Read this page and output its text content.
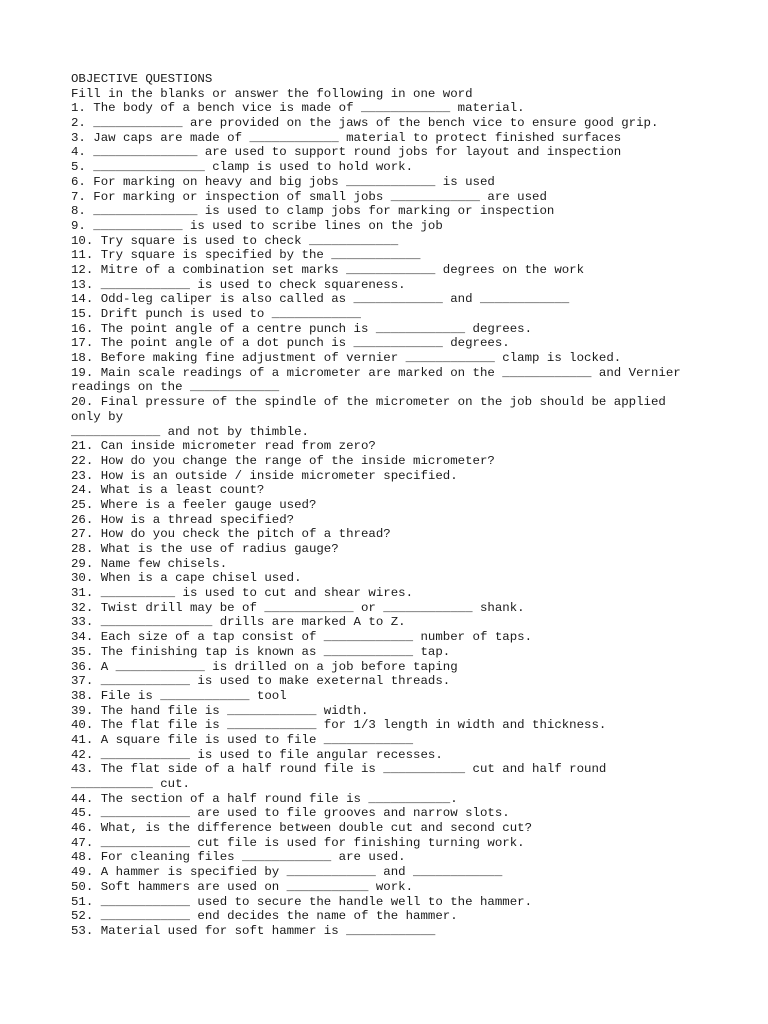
OBJECTIVE QUESTIONS
Fill in the blanks or answer the following in one word
1. The body of a bench vice is made of ____________ material.
2. ____________ are provided on the jaws of the bench vice to ensure good grip.
3. Jaw caps are made of ____________ material to protect finished surfaces
4. ______________ are used to support round jobs for layout and inspection
5. _______________ clamp is used to hold work.
6. For marking on heavy and big jobs ____________ is used
7. For marking or inspection of small jobs ____________ are used
8. ______________ is used to clamp jobs for marking or inspection
9. ____________ is used to scribe lines on the job
10. Try square is used to check ____________
11. Try square is specified by the ____________
12. Mitre of a combination set marks ____________ degrees on the work
13. ____________ is used to check squareness.
14. Odd-leg caliper is also called as ____________ and ____________
15. Drift punch is used to ____________
16. The point angle of a centre punch is ____________ degrees.
17. The point angle of a dot punch is ____________ degrees.
18. Before making fine adjustment of vernier ____________ clamp is locked.
19. Main scale readings of a micrometer are marked on the ____________ and Vernier
readings on the ____________
20. Final pressure of the spindle of the micrometer on the job should be applied
only by
____________ and not by thimble.
21. Can inside micrometer read from zero?
22. How do you change the range of the inside micrometer?
23. How is an outside / inside micrometer specified.
24. What is a least count?
25. Where is a feeler gauge used?
26. How is a thread specified?
27. How do you check the pitch of a thread?
28. What is the use of radius gauge?
29. Name few chisels.
30. When is a cape chisel used.
31. __________ is used to cut and shear wires.
32. Twist drill may be of ____________ or ____________ shank.
33. _______________ drills are marked A to Z.
34. Each size of a tap consist of ____________ number of taps.
35. The finishing tap is known as ____________ tap.
36. A ____________ is drilled on a job before taping
37. ____________ is used to make exeternal threads.
38. File is ____________ tool
39. The hand file is ____________ width.
40. The flat file is ____________ for 1/3 length in width and thickness.
41. A square file is used to file ____________
42. ____________ is used to file angular recesses.
43. The flat side of a half round file is ___________ cut and half round
___________ cut.
44. The section of a half round file is ___________.
45. ____________ are used to file grooves and narrow slots.
46. What, is the difference between double cut and second cut?
47. ____________ cut file is used for finishing turning work.
48. For cleaning files ____________ are used.
49. A hammer is specified by ____________ and ____________
50. Soft hammers are used on ___________ work.
51. ____________ used to secure the handle well to the hammer.
52. ____________ end decides the name of the hammer.
53. Material used for soft hammer is ____________
